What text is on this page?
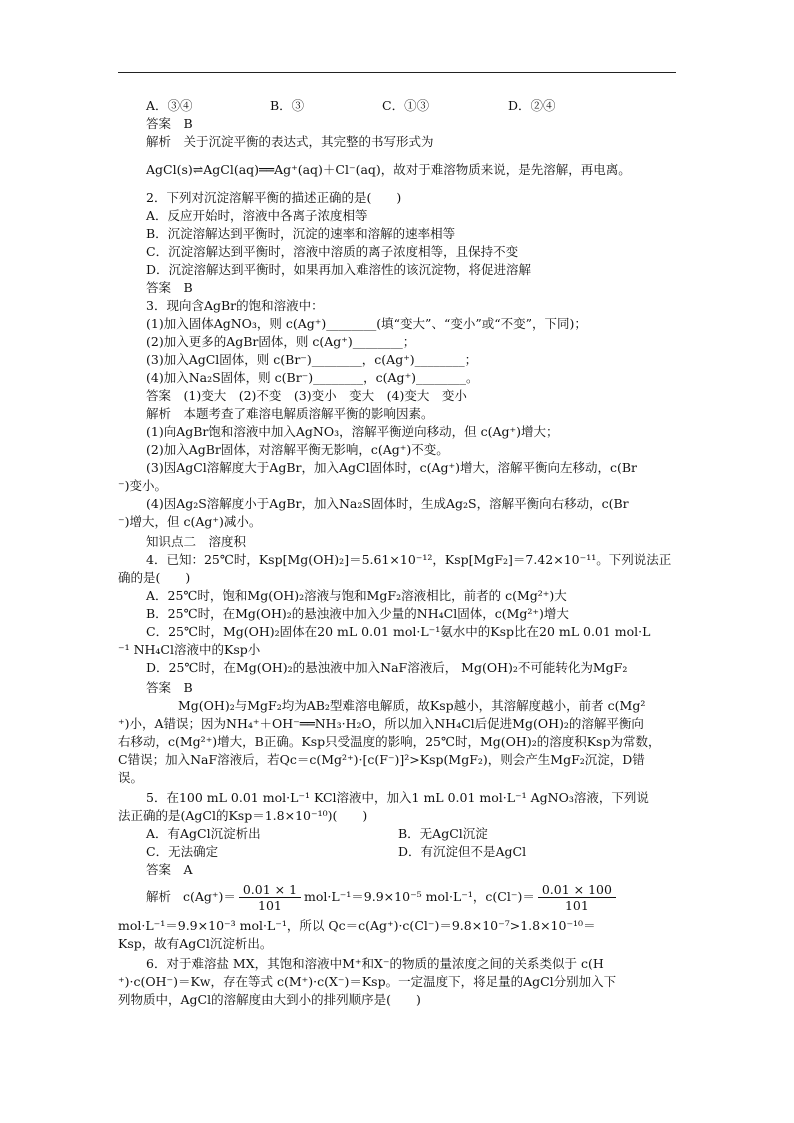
A．③④	B．③	C．①③	D．②④
答案　B
解析　关于沉淀平衡的表达式，其完整的书写形式为
AgCl(s)⇌AgCl(aq)══Ag⁺(aq)＋Cl⁻(aq)，故对于难溶物质来说，是先溶解，再电离。
2．下列对沉淀溶解平衡的描述正确的是(　　)
A．反应开始时，溶液中各离子浓度相等
B．沉淀溶解达到平衡时，沉淀的速率和溶解的速率相等
C．沉淀溶解达到平衡时，溶液中溶质的离子浓度相等，且保持不变
D．沉淀溶解达到平衡时，如果再加入难溶性的该沉淀物，将促进溶解
答案　B
3．现向含AgBr的饱和溶液中：
(1)加入固体AgNO₃，则 c(Ag⁺)________(填“变大”、“变小”或“不变”，下同)；
(2)加入更多的AgBr固体，则 c(Ag⁺)________；
(3)加入AgCl固体，则 c(Br⁻)________，c(Ag⁺)________；
(4)加入Na₂S固体，则 c(Br⁻)________，c(Ag⁺)________。
答案　(1)变大　(2)不变　(3)变小　变大　(4)变大　变小
解析　本题考查了难溶电解质溶解平衡的影响因素。
(1)向AgBr饱和溶液中加入AgNO₃，溶解平衡逆向移动，但 c(Ag⁺)增大；
(2)加入AgBr固体，对溶解平衡无影响，c(Ag⁺)不变。
(3)因AgCl溶解度大于AgBr，加入AgCl固体时，c(Ag⁺)增大，溶解平衡向左移动，c(Br
⁻)变小。
(4)因Ag₂S溶解度小于AgBr，加入Na₂S固体时，生成Ag₂S，溶解平衡向右移动，c(Br
⁻)增大，但 c(Ag⁺)减小。
知识点二　溶度积
4．已知：25℃时，Ksp[Mg(OH)₂]＝5.61×10⁻¹²，Ksp[MgF₂]＝7.42×10⁻¹¹。下列说法正
确的是(　　)
A．25℃时，饱和Mg(OH)₂溶液与饱和MgF₂溶液相比，前者的 c(Mg²⁺)大
B．25℃时，在Mg(OH)₂的悬浊液中加入少量的NH₄Cl固体，c(Mg²⁺)增大
C．25℃时，Mg(OH)₂固体在20 mL 0.01 mol·L⁻¹氨水中的Ksp比在20 mL 0.01 mol·L
⁻¹ NH₄Cl溶液中的Ksp小
D．25℃时，在Mg(OH)₂的悬浊液中加入NaF溶液后， Mg(OH)₂不可能转化为MgF₂
答案　B
Mg(OH)₂与MgF₂均为AB₂型难溶电解质，故Ksp越小，其溶解度越小，前者 c(Mg²
⁺)小，A错误；因为NH₄⁺＋OH⁻══NH₃·H₂O，所以加入NH₄Cl后促进Mg(OH)₂的溶解平衡向
右移动，c(Mg²⁺)增大，B正确。Ksp只受温度的影响，25℃时，Mg(OH)₂的溶度积Ksp为常数，
C错误；加入NaF溶液后，若Qc＝c(Mg²⁺)·[c(F⁻)]²>Ksp(MgF₂)，则会产生MgF₂沉淀，D错
误。
5．在100 mL 0.01 mol·L⁻¹ KCl溶液中，加入1 mL 0.01 mol·L⁻¹ AgNO₃溶液，下列说
法正确的是(AgCl的Ksp＝1.8×10⁻¹⁰)(　　)
A．有AgCl沉淀析出	B．无AgCl沉淀
C．无法确定	D．有沉淀但不是AgCl
答案　A
解析 $c(Ag^+)= \frac{0.01 \times 1}{101} mol\cdot L^{-1}=9.9\times 10^{-5}$ mol·L⁻¹，$c(Cl^-)= \frac{0.01 \times 100}{101}$
mol·L⁻¹＝9.9×10⁻³ mol·L⁻¹，所以 Qc＝c(Ag⁺)·c(Cl⁻)＝9.8×10⁻⁷>1.8×10⁻¹⁰＝
Ksp，故有AgCl沉淀析出。
6．对于难溶盐 MX，其饱和溶液中M⁺和X⁻的物质的量浓度之间的关系类似于 c(H
⁺)·c(OH⁻)＝Kw，存在等式 c(M⁺)·c(X⁻)＝Ksp。一定温度下，将足量的AgCl分别加入下
列物质中，AgCl的溶解度由大到小的排列顺序是(　　)
